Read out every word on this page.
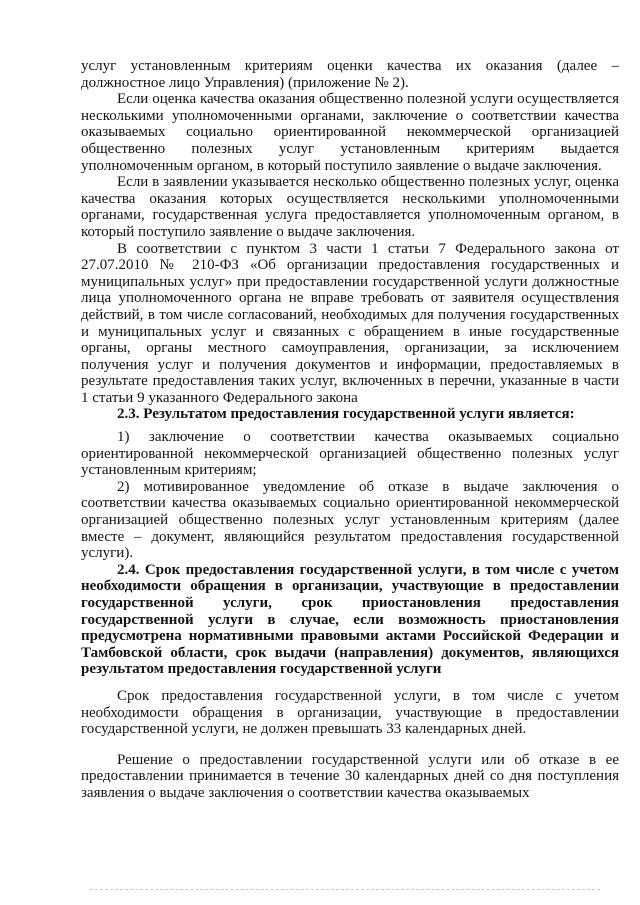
услуг установленным критериям оценки качества их оказания (далее – должностное лицо Управления) (приложение № 2).

Если оценка качества оказания общественно полезной услуги осуществляется несколькими уполномоченными органами, заключение о соответствии качества оказываемых социально ориентированной некоммерческой организацией общественно полезных услуг установленным критериям выдается уполномоченным органом, в который поступило заявление о выдаче заключения.

Если в заявлении указывается несколько общественно полезных услуг, оценка качества оказания которых осуществляется несколькими уполномоченными органами, государственная услуга предоставляется уполномоченным органом, в который поступило заявление о выдаче заключения.

В соответствии с пунктом 3 части 1 статьи 7 Федерального закона от 27.07.2010 № 210-ФЗ «Об организации предоставления государственных и муниципальных услуг» при предоставлении государственной услуги должностные лица уполномоченного органа не вправе требовать от заявителя осуществления действий, в том числе согласований, необходимых для получения государственных и муниципальных услуг и связанных с обращением в иные государственные органы, органы местного самоуправления, организации, за исключением получения услуг и получения документов и информации, предоставляемых в результате предоставления таких услуг, включенных в перечни, указанные в части 1 статьи 9 указанного Федерального закона

2.3. Результатом предоставления государственной услуги является:

1) заключение о соответствии качества оказываемых социально ориентированной некоммерческой организацией общественно полезных услуг установленным критериям;

2) мотивированное уведомление об отказе в выдаче заключения о соответствии качества оказываемых социально ориентированной некоммерческой организацией общественно полезных услуг установленным критериям (далее вместе – документ, являющийся результатом предоставления государственной услуги).

2.4. Срок предоставления государственной услуги, в том числе с учетом необходимости обращения в организации, участвующие в предоставлении государственной услуги, срок приостановления предоставления государственной услуги в случае, если возможность приостановления предусмотрена нормативными правовыми актами Российской Федерации и Тамбовской области, срок выдачи (направления) документов, являющихся результатом предоставления государственной услуги

Срок предоставления государственной услуги, в том числе с учетом необходимости обращения в организации, участвующие в предоставлении государственной услуги, не должен превышать 33 календарных дней.

Решение о предоставлении государственной услуги или об отказе в ее предоставлении принимается в течение 30 календарных дней со дня поступления заявления о выдаче заключения о соответствии качества оказываемых
